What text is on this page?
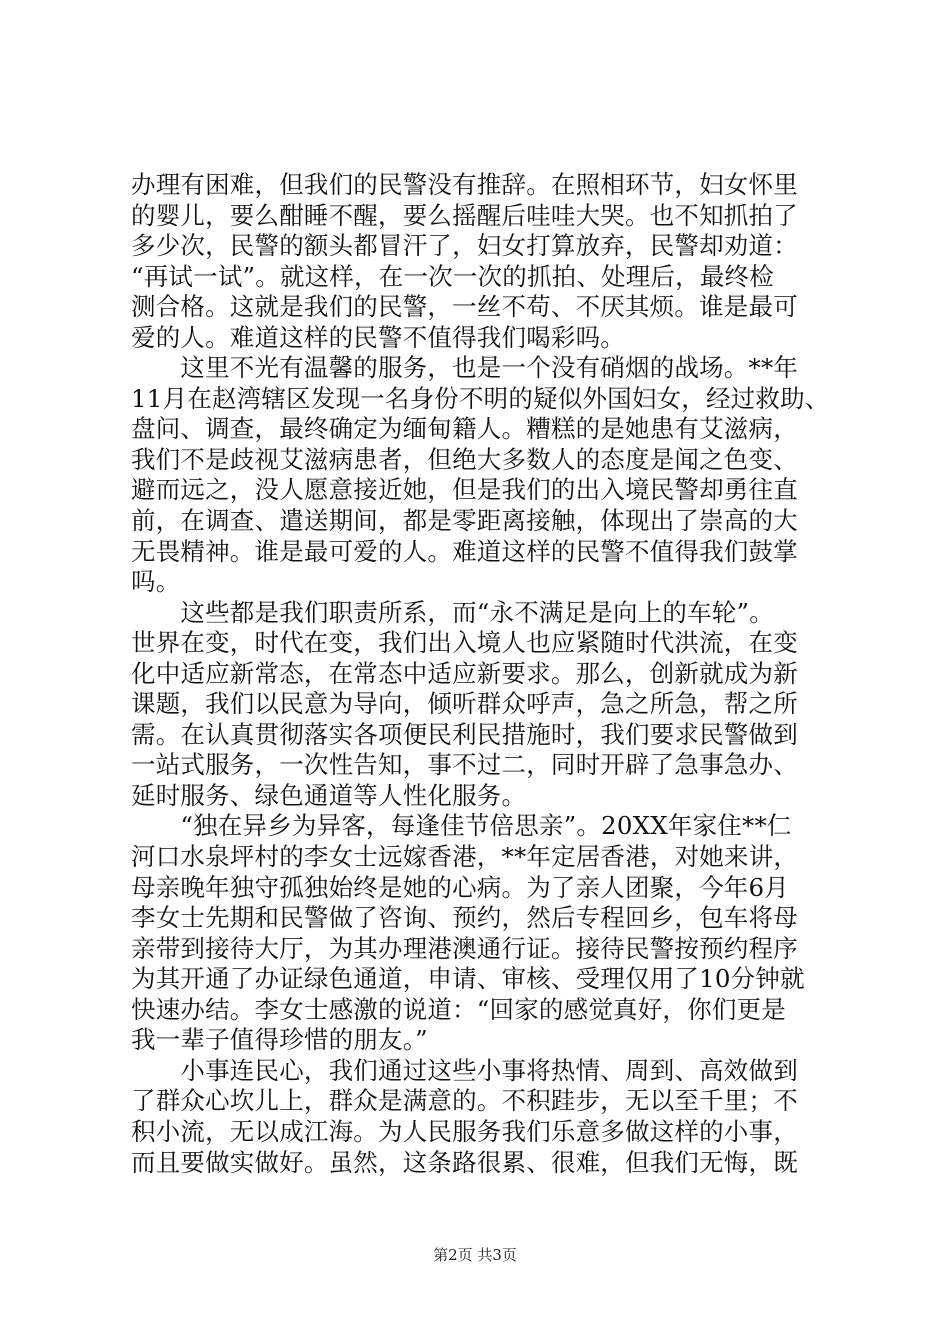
办理有困难，但我们的民警没有推辞。在照相环节，妇女怀里
的婴儿，要么酣睡不醒，要么摇醒后哇哇大哭。也不知抓拍了
多少次，民警的额头都冒汗了，妇女打算放弃，民警却劝道：
“再试一试”。就这样，在一次一次的抓拍、处理后，最终检
测合格。这就是我们的民警，一丝不苟、不厌其烦。谁是最可
爱的人。难道这样的民警不值得我们喝彩吗。
　　这里不光有温馨的服务，也是一个没有硝烟的战场。**年
11月在赵湾辖区发现一名身份不明的疑似外国妇女，经过救助、
盘问、调查，最终确定为缅甸籍人。糟糕的是她患有艾滋病，
我们不是歧视艾滋病患者，但绝大多数人的态度是闻之色变、
避而远之，没人愿意接近她，但是我们的出入境民警却勇往直
前，在调查、遣送期间，都是零距离接触，体现出了崇高的大
无畏精神。谁是最可爱的人。难道这样的民警不值得我们鼓掌
吗。
　　这些都是我们职责所系，而“永不满足是向上的车轮”。
世界在变，时代在变，我们出入境人也应紧随时代洪流，在变
化中适应新常态，在常态中适应新要求。那么，创新就成为新
课题，我们以民意为导向，倾听群众呼声，急之所急，帮之所
需。在认真贯彻落实各项便民利民措施时，我们要求民警做到
一站式服务，一次性告知，事不过二，同时开辟了急事急办、
延时服务、绿色通道等人性化服务。
　　“独在异乡为异客，每逢佳节倍思亲”。20XX年家住**仁
河口水泉坪村的李女士远嫁香港，**年定居香港，对她来讲，
母亲晚年独守孤独始终是她的心病。为了亲人团聚，今年6月
李女士先期和民警做了咨询、预约，然后专程回乡，包车将母
亲带到接待大厅，为其办理港澳通行证。接待民警按预约程序
为其开通了办证绿色通道，申请、审核、受理仅用了10分钟就
快速办结。李女士感激的说道：“回家的感觉真好，你们更是
我一辈子值得珍惜的朋友。”
　　小事连民心，我们通过这些小事将热情、周到、高效做到
了群众心坎儿上，群众是满意的。不积跬步，无以至千里；不
积小流，无以成江海。为人民服务我们乐意多做这样的小事，
而且要做实做好。虽然，这条路很累、很难，但我们无悔，既
第2页 共3页
